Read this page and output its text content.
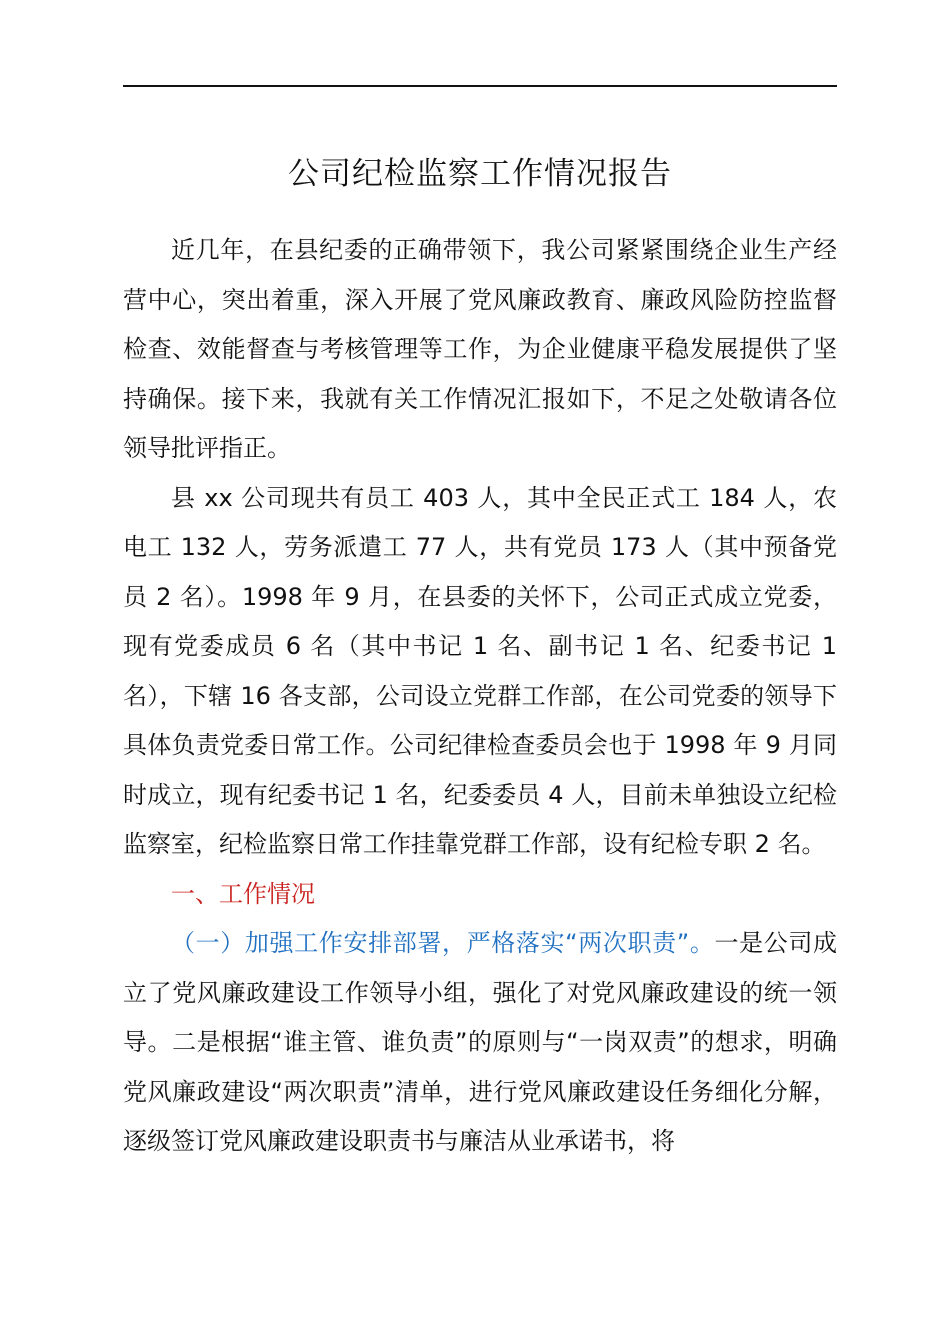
公司纪检监察工作情况报告

近几年，在县纪委的正确带领下，我公司紧紧围绕企业生产经营中心，突出着重，深入开展了党风廉政教育、廉政风险防控监督检查、效能督查与考核管理等工作，为企业健康平稳发展提供了坚持确保。接下来，我就有关工作情况汇报如下，不足之处敬请各位领导批评指正。

县 xx 公司现共有员工 403 人，其中全民正式工 184 人，农电工 132 人，劳务派遣工 77 人，共有党员 173 人（其中预备党员 2 名）。1998 年 9 月，在县委的关怀下，公司正式成立党委，现有党委成员 6 名（其中书记 1 名、副书记 1 名、纪委书记 1 名），下辖 16 各支部，公司设立党群工作部，在公司党委的领导下具体负责党委日常工作。公司纪律检查委员会也于 1998 年 9 月同时成立，现有纪委书记 1 名，纪委委员 4 人，目前未单独设立纪检监察室，纪检监察日常工作挂靠党群工作部，设有纪检专职 2 名。

一、工作情况

（一）加强工作安排部署，严格落实“两次职责”。一是公司成立了党风廉政建设工作领导小组，强化了对党风廉政建设的统一领导。二是根据“谁主管、谁负责”的原则与“一岗双责”的想求，明确党风廉政建设“两次职责”清单，进行党风廉政建设任务细化分解，逐级签订党风廉政建设职责书与廉洁从业承诺书，将
